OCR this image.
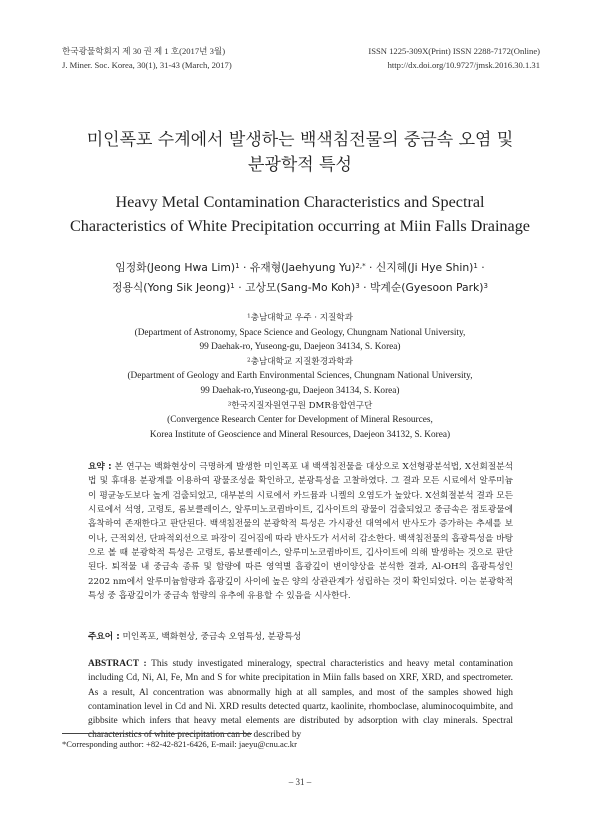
한국광물학회지 제 30 권 제 1 호(2017년 3월)
J. Miner. Soc. Korea, 30(1), 31-43 (March, 2017)
ISSN 1225-309X(Print) ISSN 2288-7172(Online)
http://dx.doi.org/10.9727/jmsk.2016.30.1.31
미인폭포 수계에서 발생하는 백색침전물의 중금속 오염 및
분광학적 특성
Heavy Metal Contamination Characteristics and Spectral
Characteristics of White Precipitation occurring at Miin Falls Drainage
임정화(Jeong Hwa Lim)$^1$ · 유재형(Jaehyung Yu)$^{2,*}$ · 신지혜(Ji Hye Shin)$^1$ ·
정용식(Yong Sik Jeong)$^1$ · 고상모(Sang-Mo Koh)$^3$ · 박계순(Gyesoon Park)$^3$
$^1$충남대학교 우주 · 지질학과
(Department of Astronomy, Space Science and Geology, Chungnam National University,
99 Daehak-ro, Yuseong-gu, Daejeon 34134, S. Korea)
$^2$충남대학교 지질환경과학과
(Department of Geology and Earth Environmental Sciences, Chungnam National University,
99 Daehak-ro,Yuseong-gu, Daejeon 34134, S. Korea)
$^3$한국지질자원연구원 DMR융합연구단
(Convergence Research Center for Development of Mineral Resources,
Korea Institute of Geoscience and Mineral Resources, Daejeon 34132, S. Korea)
요약 : 본 연구는 백화현상이 극명하게 발생한 미인폭포 내 백색침전물을 대상으로 X선형광분석법, X선회절분석법 및 휴대용 분광계를 이용하여 광물조성을 확인하고, 분광특성을 고찰하였다. 그 결과 모든 시료에서 알루미늄이 평균농도보다 높게 검출되었고, 대부분의 시료에서 카드뮴과 니켈의 오염도가 높았다. X선회절분석 결과 모든 시료에서 석영, 고령토, 롬보클레이스, 알루미노코큄바이트, 깁사이트의 광물이 검출되었고 중금속은 점토광물에 흡착하여 존재한다고 판단된다. 백색침전물의 분광학적 특성은 가시광선 대역에서 반사도가 증가하는 추세를 보이나, 근적외선, 단파적외선으로 파장이 길어짐에 따라 반사도가 서서히 감소한다. 백색침전물의 흡광특성을 바탕으로 볼 때 분광학적 특성은 고령토, 롬보클레이스, 알루미노코큄바이트, 깁사이트에 의해 발생하는 것으로 판단된다. 퇴적물 내 중금속 종류 및 함량에 따른 영역별 흡광깊이 변이양상을 분석한 결과, Al-OH의 흡광특성인 2202 nm에서 알루미늄함량과 흡광깊이 사이에 높은 양의 상관관계가 성립하는 것이 확인되었다. 이는 분광학적 특성 중 흡광깊이가 중금속 함량의 유추에 유용할 수 있음을 시사한다.
주요어 : 미인폭포, 백화현상, 중금속 오염특성, 분광특성
ABSTRACT : This study investigated mineralogy, spectral characteristics and heavy metal contamination including Cd, Ni, Al, Fe, Mn and S for white precipitation in Miin falls based on XRF, XRD, and spectrometer. As a result, Al concentration was abnormally high at all samples, and most of the samples showed high contamination level in Cd and Ni. XRD results detected quartz, kaolinite, rhomboclase, aluminocoquimbite, and gibbsite which infers that heavy metal elements are distributed by adsorption with clay minerals. Spectral characteristics of white precipitation can be described by
*Corresponding author: +82-42-821-6426, E-mail: jaeyu@cnu.ac.kr
– 31 –
